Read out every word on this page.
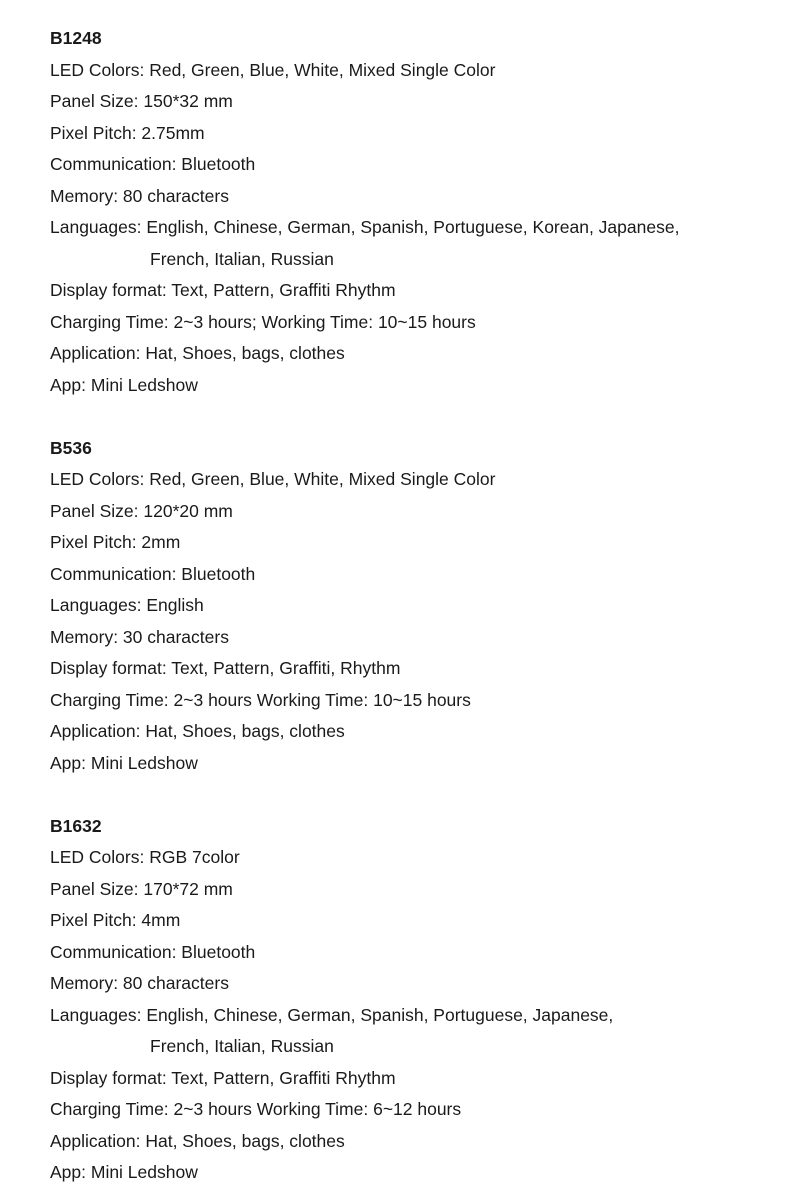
B1248
LED Colors: Red, Green, Blue, White, Mixed Single Color
Panel Size: 150*32 mm
Pixel Pitch: 2.75mm
Communication: Bluetooth
Memory: 80 characters
Languages: English, Chinese, German, Spanish, Portuguese, Korean, Japanese,
French, Italian, Russian
Display format: Text, Pattern, Graffiti Rhythm
Charging Time: 2~3 hours; Working Time: 10~15 hours
Application: Hat, Shoes, bags, clothes
App: Mini Ledshow
B536
LED Colors: Red, Green, Blue, White, Mixed Single Color
Panel Size: 120*20 mm
Pixel Pitch: 2mm
Communication: Bluetooth
Languages: English
Memory: 30 characters
Display format: Text, Pattern, Graffiti, Rhythm
Charging Time: 2~3 hours Working Time: 10~15 hours
Application: Hat, Shoes, bags, clothes
App: Mini Ledshow
B1632
LED Colors: RGB 7color
Panel Size: 170*72 mm
Pixel Pitch: 4mm
Communication: Bluetooth
Memory: 80 characters
Languages: English, Chinese, German, Spanish, Portuguese, Japanese,
French, Italian, Russian
Display format: Text, Pattern, Graffiti Rhythm
Charging Time: 2~3 hours Working Time: 6~12 hours
Application: Hat, Shoes, bags, clothes
App: Mini Ledshow
